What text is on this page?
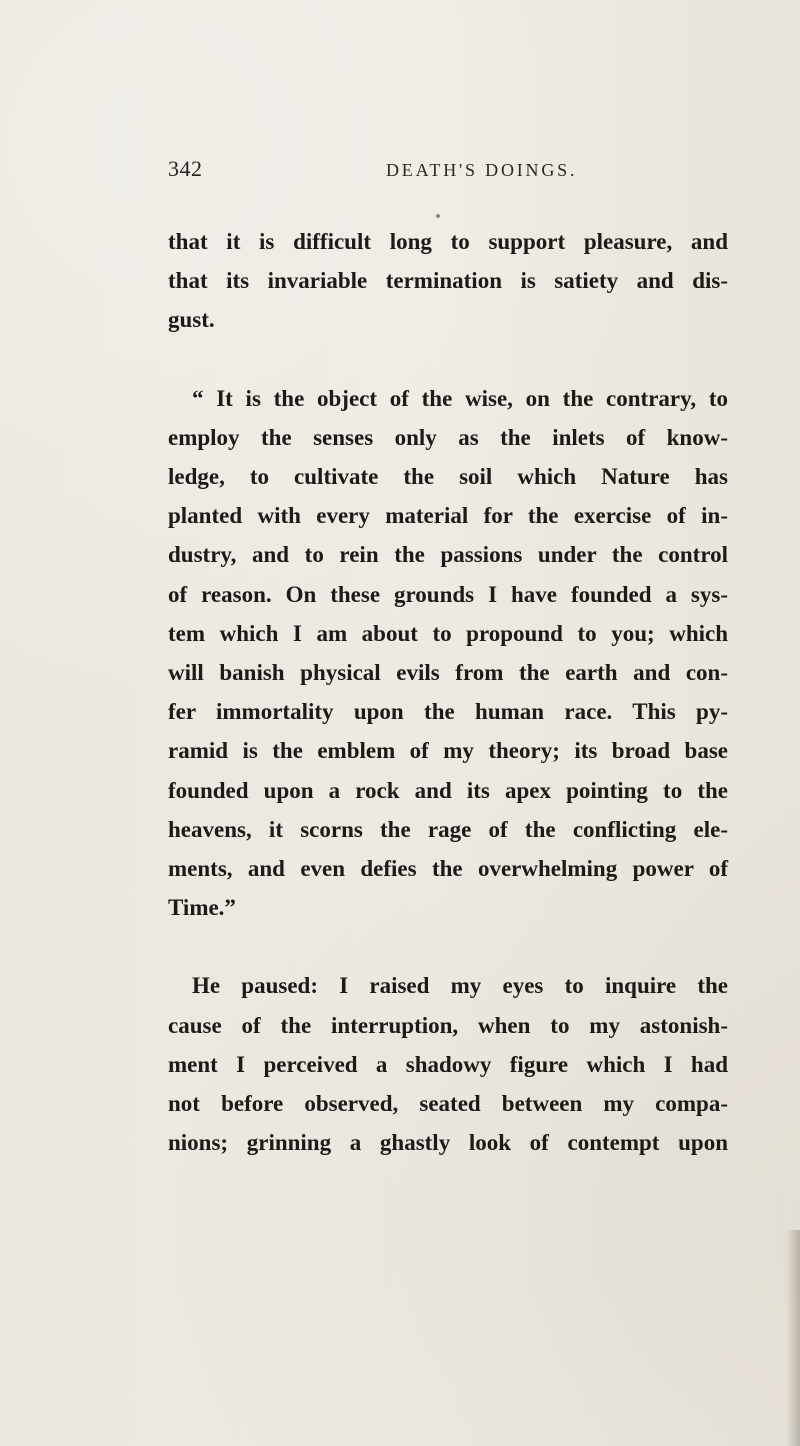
342	DEATH'S DOINGS.
that it is difficult long to support pleasure, and
that its invariable termination is satiety and dis-
gust.
“ It is the object of the wise, on the contrary, to
employ the senses only as the inlets of know-
ledge, to cultivate the soil which Nature has
planted with every material for the exercise of in-
dustry, and to rein the passions under the control
of reason. On these grounds I have founded a sys-
tem which I am about to propound to you; which
will banish physical evils from the earth and con-
fer immortality upon the human race. This py-
ramid is the emblem of my theory; its broad base
founded upon a rock and its apex pointing to the
heavens, it scorns the rage of the conflicting ele-
ments, and even defies the overwhelming power of
Time.”
He paused: I raised my eyes to inquire the
cause of the interruption, when to my astonish-
ment I perceived a shadowy figure which I had
not before observed, seated between my compa-
nions; grinning a ghastly look of contempt upon
